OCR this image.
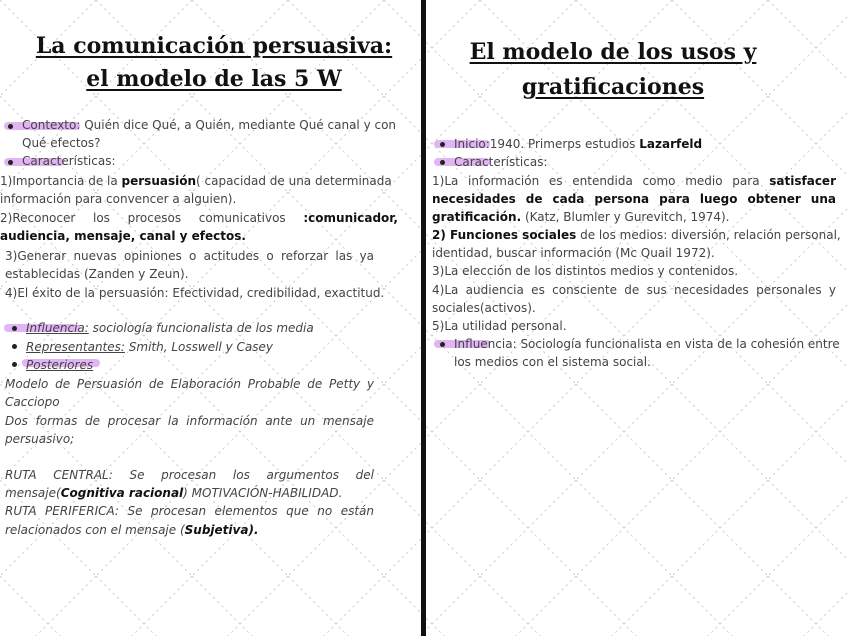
La comunicación persuasiva:
el modelo de las 5 W
Contexto: Quién dice Qué, a Quién, mediante Qué canal y con
Qué efectos?
Características:
1)Importancia de la persuasión( capacidad de una determinada
información para convencer a alguien).
2)Reconocer los procesos comunicativos :comunicador,
audiencia, mensaje, canal y efectos.
3)Generar nuevas opiniones o actitudes o reforzar las ya
establecidas (Zanden y Zeun).
4)El éxito de la persuasión: Efectividad, credibilidad, exactitud.
Influencia: sociología funcionalista de los media
Representantes: Smith, Losswell y Casey
Posteriores
Modelo de Persuasión de Elaboración Probable de Petty y
Cacciopo
Dos formas de procesar la información ante un mensaje
persuasivo;
RUTA CENTRAL: Se procesan los argumentos del
mensaje(Cognitiva racional) MOTIVACIÓN-HABILIDAD.
RUTA PERIFERICA: Se procesan elementos que no están
relacionados con el mensaje (Subjetiva).
El modelo de los usos y
gratificaciones
Inicio:1940. Primerps estudios Lazarfeld
Características:
1)La información es entendida como medio para satisfacer
necesidades de cada persona para luego obtener una
gratificación. (Katz, Blumler y Gurevitch, 1974).
2) Funciones sociales de los medios: diversión, relación personal,
identidad, buscar información (Mc Quail 1972).
3)La elección de los distintos medios y contenidos.
4)La audiencia es consciente de sus necesidades personales y
sociales(activos).
5)La utilidad personal.
Influencia: Sociología funcionalista en vista de la cohesión entre
los medios con el sistema social.
